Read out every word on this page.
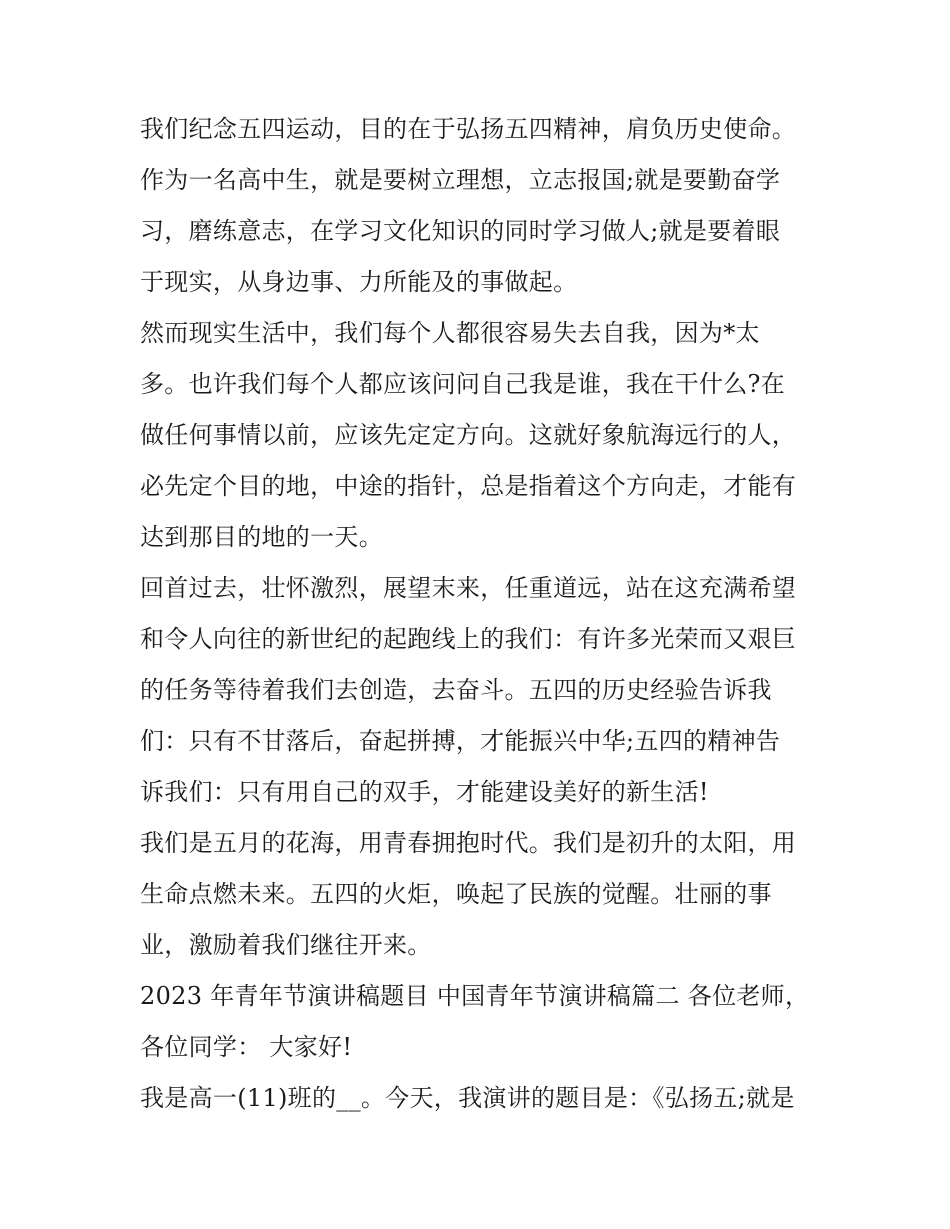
我们纪念五四运动，目的在于弘扬五四精神，肩负历史使命。
作为一名高中生，就是要树立理想，立志报国;就是要勤奋学
习，磨练意志，在学习文化知识的同时学习做人;就是要着眼
于现实，从身边事、力所能及的事做起。
然而现实生活中，我们每个人都很容易失去自我，因为*太
多。也许我们每个人都应该问问自己我是谁，我在干什么?在
做任何事情以前，应该先定定方向。这就好象航海远行的人，
必先定个目的地，中途的指针，总是指着这个方向走，才能有
达到那目的地的一天。
回首过去，壮怀激烈，展望末来，任重道远，站在这充满希望
和令人向往的新世纪的起跑线上的我们：有许多光荣而又艰巨
的任务等待着我们去创造，去奋斗。五四的历史经验告诉我
们：只有不甘落后，奋起拼搏，才能振兴中华;五四的精神告
诉我们：只有用自己的双手，才能建设美好的新生活!
我们是五月的花海，用青春拥抱时代。我们是初升的太阳，用
生命点燃未来。五四的火炬，唤起了民族的觉醒。壮丽的事
业，激励着我们继往开来。
2023 年青年节演讲稿题目 中国青年节演讲稿篇二 各位老师，
各位同学： 大家好!
我是高一(11)班的__。今天，我演讲的题目是：《弘扬五;就是
